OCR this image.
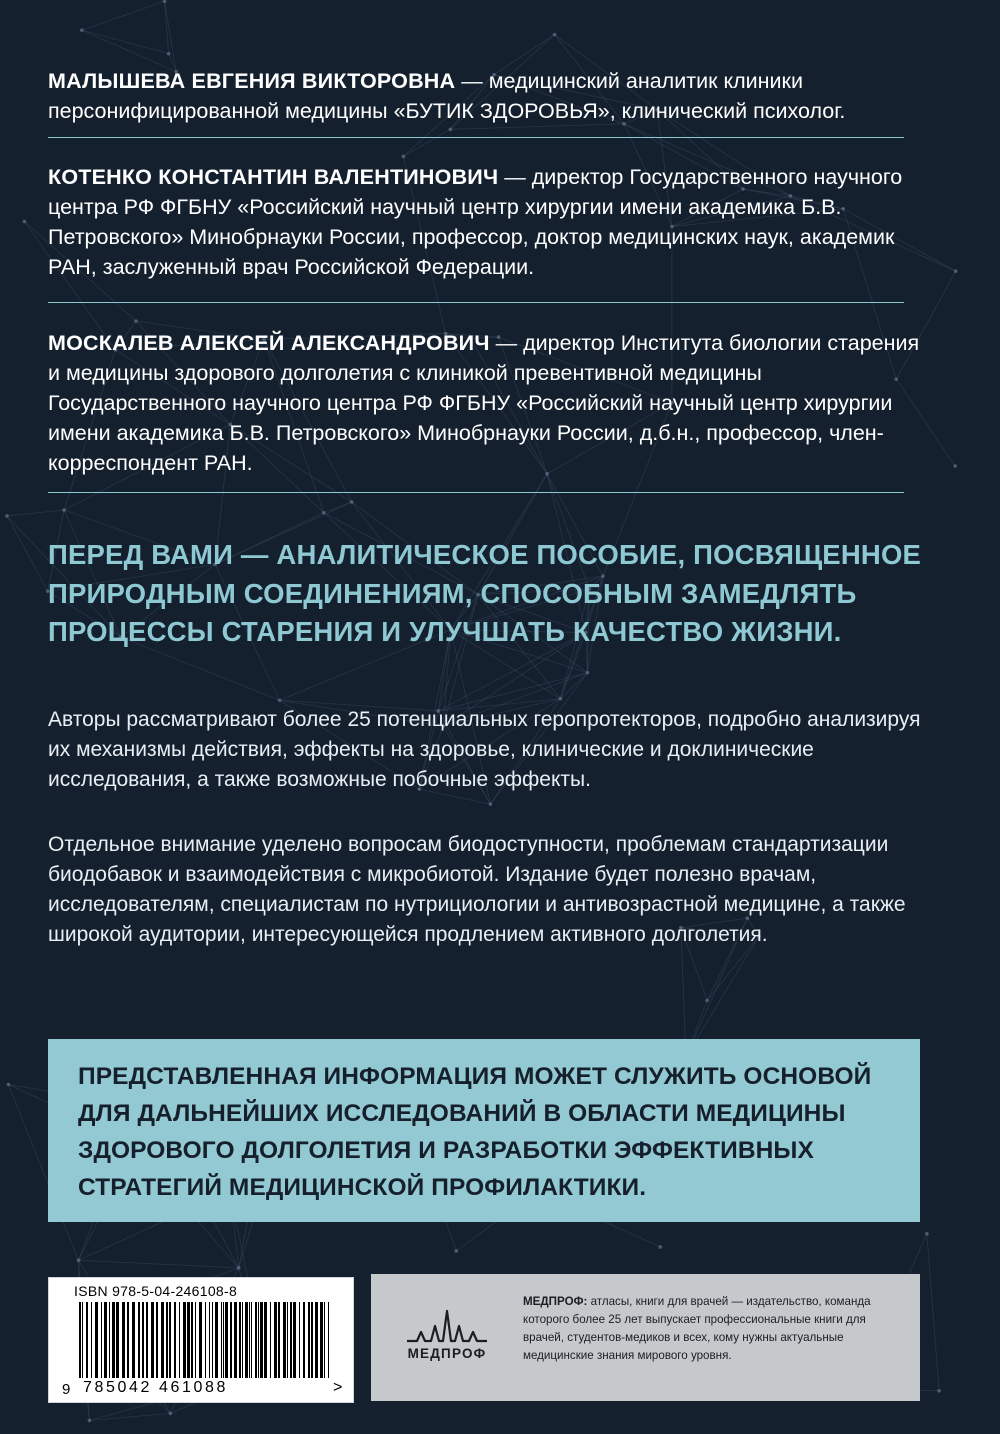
МАЛЫШЕВА ЕВГЕНИЯ ВИКТОРОВНА — медицинский аналитик клиники персонифицированной медицины «БУТИК ЗДОРОВЬЯ», клинический психолог.
КОТЕНКО КОНСТАНТИН ВАЛЕНТИНОВИЧ — директор Государственного научного центра РФ ФГБНУ «Российский научный центр хирургии имени академика Б.В. Петровского» Минобрнауки России, профессор, доктор медицинских наук, академик РАН, заслуженный врач Российской Федерации.
МОСКАЛЕВ АЛЕКСЕЙ АЛЕКСАНДРОВИЧ — директор Института биологии старения и медицины здорового долголетия с клиникой превентивной медицины Государственного научного центра РФ ФГБНУ «Российский научный центр хирургии имени академика Б.В. Петровского» Минобрнауки России, д.б.н., профессор, член-корреспондент РАН.
ПЕРЕД ВАМИ — АНАЛИТИЧЕСКОЕ ПОСОБИЕ, ПОСВЯЩЕННОЕ ПРИРОДНЫМ СОЕДИНЕНИЯМ, СПОСОБНЫМ ЗАМЕДЛЯТЬ ПРОЦЕССЫ СТАРЕНИЯ И УЛУЧШАТЬ КАЧЕСТВО ЖИЗНИ.
Авторы рассматривают более 25 потенциальных геропротекторов, подробно анализируя их механизмы действия, эффекты на здоровье, клинические и доклинические исследования, а также возможные побочные эффекты.
Отдельное внимание уделено вопросам биодоступности, проблемам стандартизации биодобавок и взаимодействия с микробиотой. Издание будет полезно врачам, исследователям, специалистам по нутрициологии и антивозрастной медицине, а также широкой аудитории, интересующейся продлением активного долголетия.
ПРЕДСТАВЛЕННАЯ ИНФОРМАЦИЯ МОЖЕТ СЛУЖИТЬ ОСНОВОЙ ДЛЯ ДАЛЬНЕЙШИХ ИССЛЕДОВАНИЙ В ОБЛАСТИ МЕДИЦИНЫ ЗДОРОВОГО ДОЛГОЛЕТИЯ И РАЗРАБОТКИ ЭФФЕКТИВНЫХ СТРАТЕГИЙ МЕДИЦИНСКОЙ ПРОФИЛАКТИКИ.
ISBN 978-5-04-246108-8
9 785042 461088	>
МЕДПРОФ
МЕДПРОФ: атласы, книги для врачей — издательство, команда которого более 25 лет выпускает профессиональные книги для врачей, студентов-медиков и всех, кому нужны актуальные медицинские знания мирового уровня.
